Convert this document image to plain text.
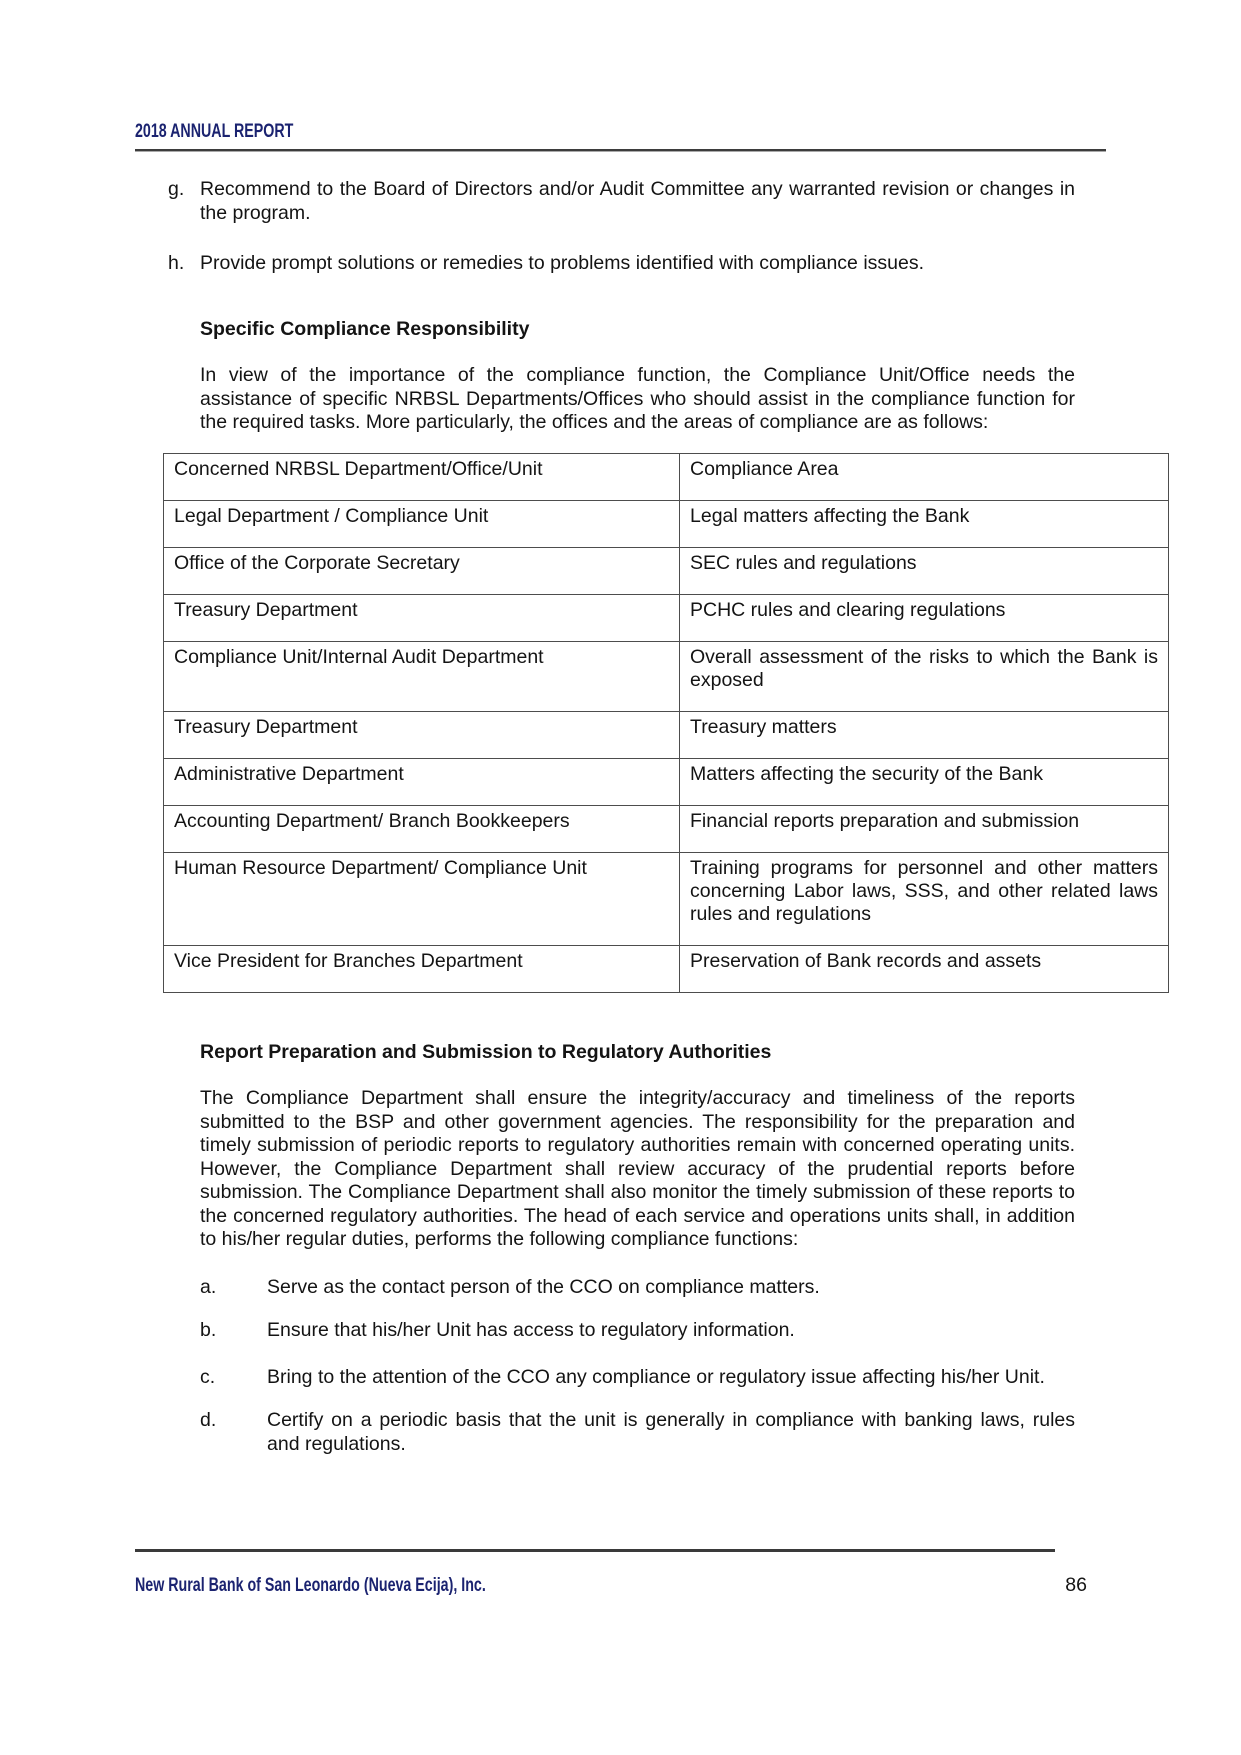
2018 ANNUAL REPORT
g. Recommend to the Board of Directors and/or Audit Committee any warranted revision or changes in the program.
h. Provide prompt solutions or remedies to problems identified with compliance issues.
Specific Compliance Responsibility
In view of the importance of the compliance function, the Compliance Unit/Office needs the assistance of specific NRBSL Departments/Offices who should assist in the compliance function for the required tasks. More particularly, the offices and the areas of compliance are as follows:
Concerned NRBSL Department/Office/Unit	Compliance Area
Legal Department / Compliance Unit	Legal matters affecting the Bank
Office of the Corporate Secretary	SEC rules and regulations
Treasury Department	PCHC rules and clearing regulations
Compliance Unit/Internal Audit Department	Overall assessment of the risks to which the Bank is exposed
Treasury Department	Treasury matters
Administrative Department	Matters affecting the security of the Bank
Accounting Department/ Branch Bookkeepers	Financial reports preparation and submission
Human Resource Department/ Compliance Unit	Training programs for personnel and other matters concerning Labor laws, SSS, and other related laws rules and regulations
Vice President for Branches Department	Preservation of Bank records and assets
Report Preparation and Submission to Regulatory Authorities
The Compliance Department shall ensure the integrity/accuracy and timeliness of the reports submitted to the BSP and other government agencies. The responsibility for the preparation and timely submission of periodic reports to regulatory authorities remain with concerned operating units. However, the Compliance Department shall review accuracy of the prudential reports before submission. The Compliance Department shall also monitor the timely submission of these reports to the concerned regulatory authorities. The head of each service and operations units shall, in addition to his/her regular duties, performs the following compliance functions:
a.	Serve as the contact person of the CCO on compliance matters.
b.	Ensure that his/her Unit has access to regulatory information.
c.	Bring to the attention of the CCO any compliance or regulatory issue affecting his/her Unit.
d.	Certify on a periodic basis that the unit is generally in compliance with banking laws, rules and regulations.
New Rural Bank of San Leonardo (Nueva Ecija), Inc.	86
